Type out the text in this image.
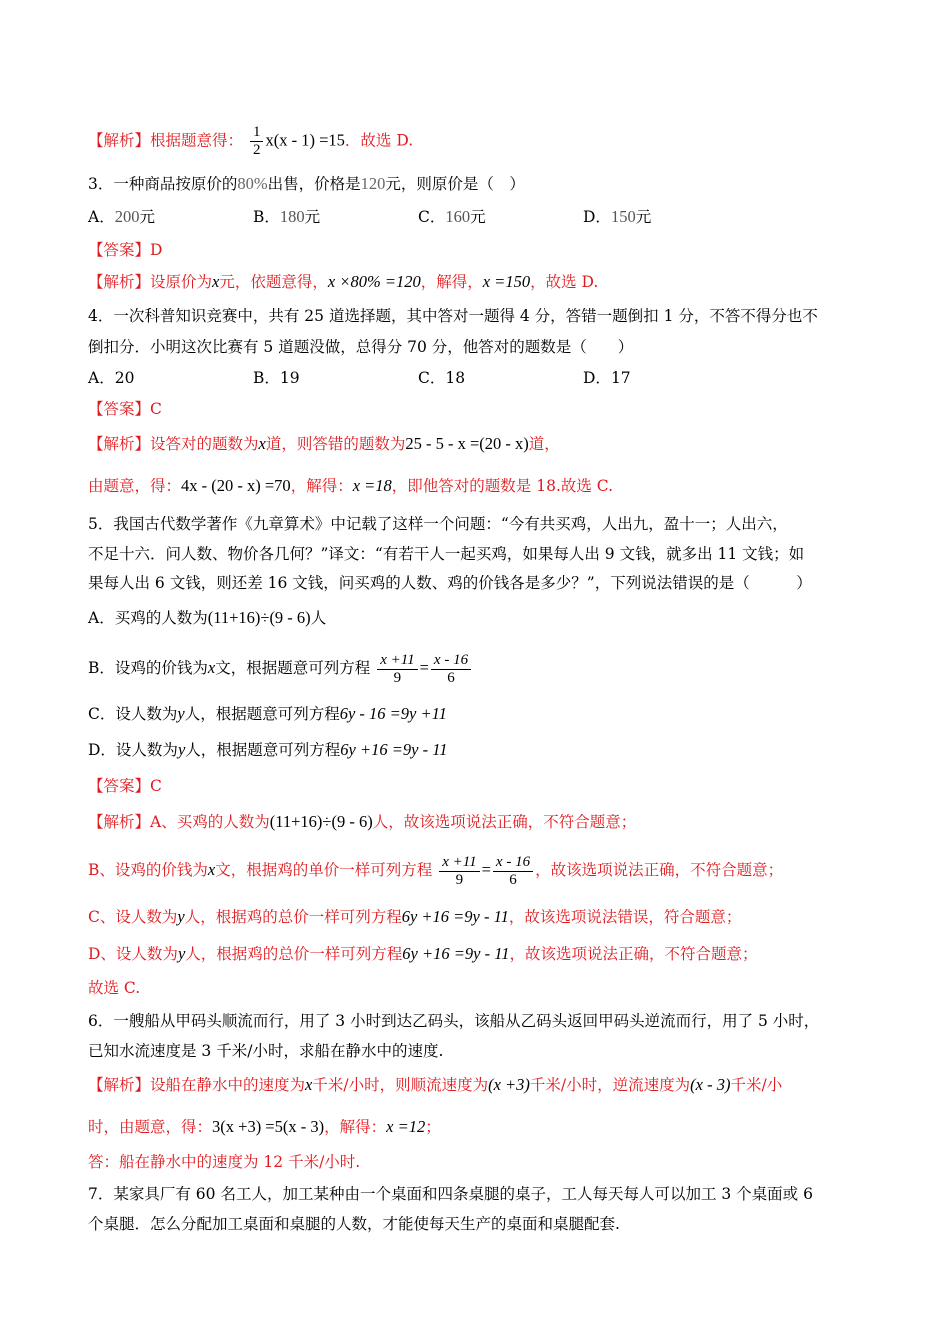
【解析】根据题意得： $\frac{1}{2} x(x - 1) =15$．故选 D.
3．一种商品按原价的80%出售，价格是120元，则原价是（　）
A．200元	B．180元	C．160元	D．150元
【答案】D
【解析】设原价为x元，依题意得，x ×80% =120，解得，x =150，故选 D.
4．一次科普知识竞赛中，共有 25 道选择题，其中答对一题得 4 分，答错一题倒扣 1 分，不答不得分也不
倒扣分．小明这次比赛有 5 道题没做，总得分 70 分，他答对的题数是（　　）
A．20	B．19	C．18	D．17
【答案】C
【解析】设答对的题数为x道，则答错的题数为25 - 5 - x =(20 - x)道，
由题意，得：4x - (20 - x) =70，解得：x =18，即他答对的题数是 18.故选 C.
5．我国古代数学著作《九章算术》中记载了这样一个问题：“今有共买鸡，人出九，盈十一；人出六，
不足十六．问人数、物价各几何？”译文：“有若干人一起买鸡，如果每人出 9 文钱，就多出 11 文钱；如
果每人出 6 文钱，则还差 16 文钱，问买鸡的人数、鸡的价钱各是多少？”，下列说法错误的是（　　　）
A．买鸡的人数为(11+16)÷(9 - 6)人
B．设鸡的价钱为x文，根据题意可列方程 $\frac{x +11}{9} = \frac{x - 16}{6}$
C．设人数为y人，根据题意可列方程6y - 16 =9y +11
D．设人数为y人，根据题意可列方程6y +16 =9y - 11
【答案】C
【解析】A、买鸡的人数为(11+16)÷(9 - 6)人，故该选项说法正确，不符合题意；
B、设鸡的价钱为x文，根据鸡的单价一样可列方程 $\frac{x +11}{9} = \frac{x - 16}{6}$ ，故该选项说法正确，不符合题意；
C、设人数为y人，根据鸡的总价一样可列方程6y +16 =9y - 11，故该选项说法错误，符合题意；
D、设人数为y人，根据鸡的总价一样可列方程6y +16 =9y - 11，故该选项说法正确，不符合题意；
故选 C.
6．一艘船从甲码头顺流而行，用了 3 小时到达乙码头，该船从乙码头返回甲码头逆流而行，用了 5 小时，
已知水流速度是 3 千米/小时，求船在静水中的速度.
【解析】设船在静水中的速度为x千米/小时，则顺流速度为(x +3)千米/小时，逆流速度为(x - 3)千米/小
时，由题意，得：3(x +3) =5(x - 3)，解得：x =12；
答：船在静水中的速度为 12 千米/小时.
7．某家具厂有 60 名工人，加工某种由一个桌面和四条桌腿的桌子，工人每天每人可以加工 3 个桌面或 6
个桌腿．怎么分配加工桌面和桌腿的人数，才能使每天生产的桌面和桌腿配套.
